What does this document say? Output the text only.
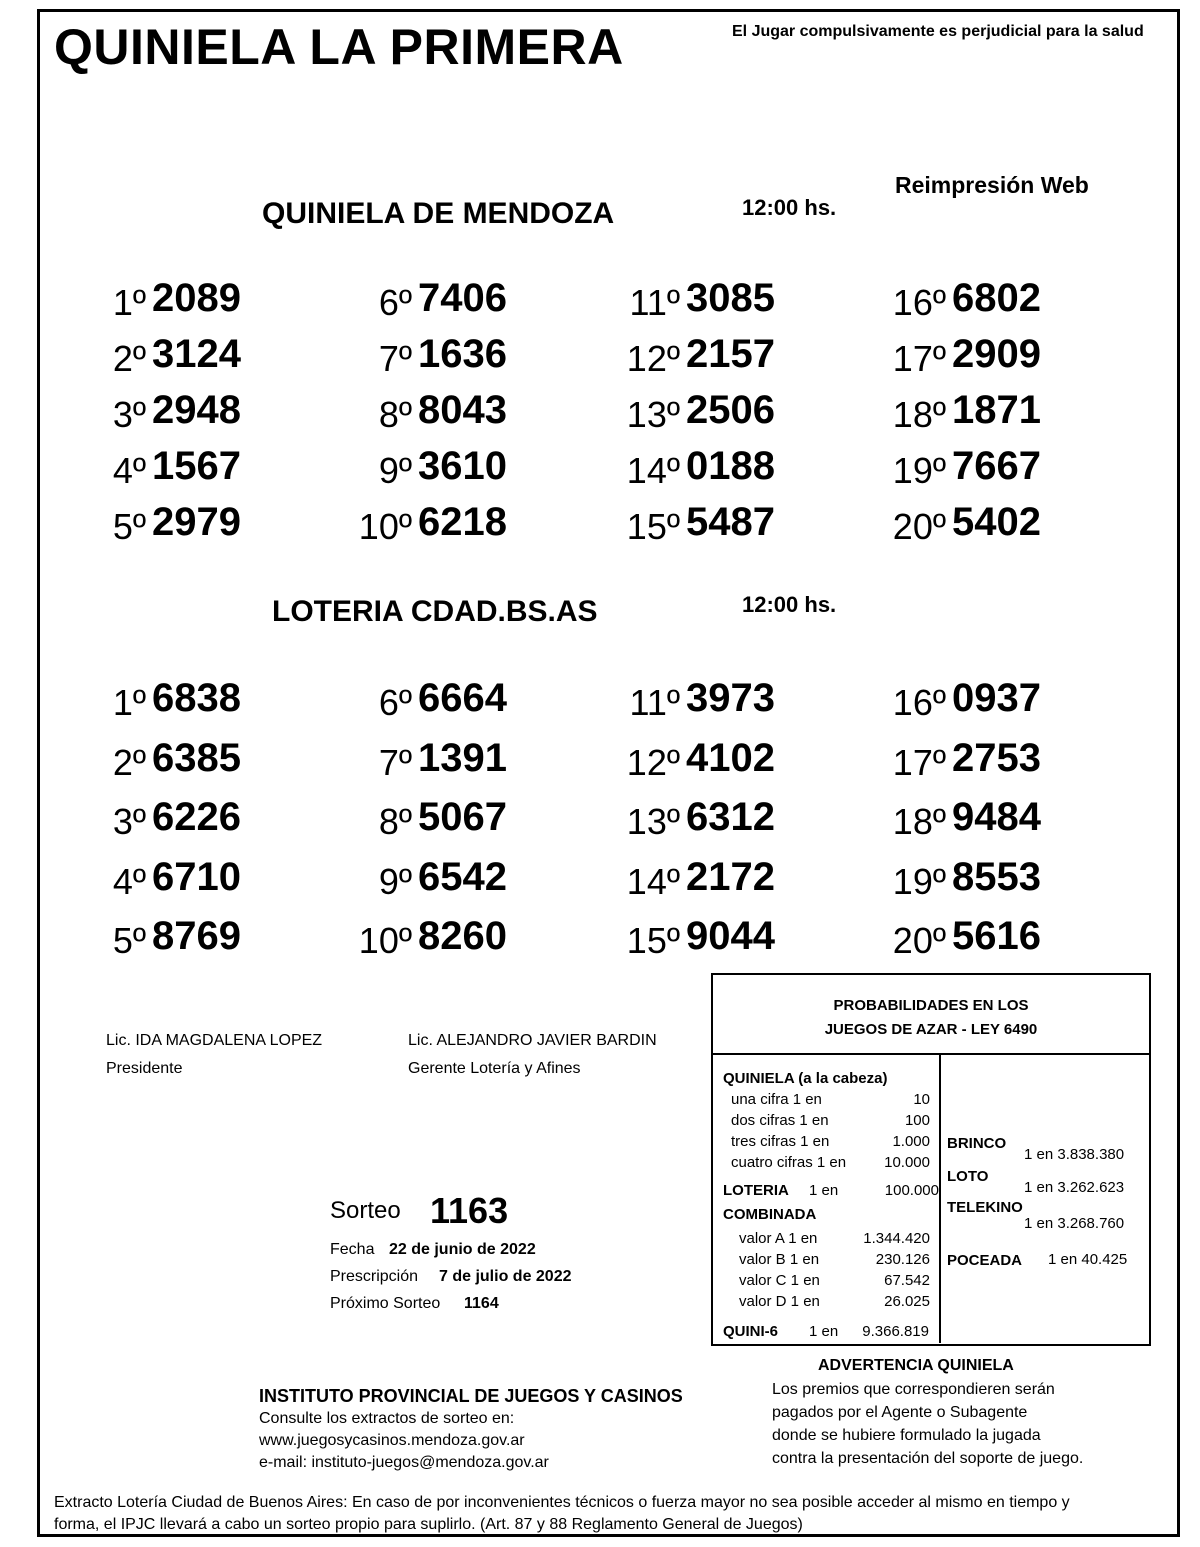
QUINIELA LA PRIMERA	El Jugar compulsivamente es perjudicial para la salud
Reimpresión Web
QUINIELA DE MENDOZA	12:00 hs.
1º 2089
2º 3124
3º 2948
4º 1567
5º 2979
6º 7406
7º 1636
8º 8043
9º 3610
10º 6218
11º 3085
12º 2157
13º 2506
14º 0188
15º 5487
16º 6802
17º 2909
18º 1871
19º 7667
20º 5402
LOTERIA CDAD.BS.AS	12:00 hs.
1º 6838
2º 6385
3º 6226
4º 6710
5º 8769
6º 6664
7º 1391
8º 5067
9º 6542
10º 8260
11º 3973
12º 4102
13º 6312
14º 2172
15º 9044
16º 0937
17º 2753
18º 9484
19º 8553
20º 5616
Lic. IDA MAGDALENA LOPEZ
Presidente
Lic. ALEJANDRO JAVIER BARDIN
Gerente Lotería y Afines
Sorteo 1163
Fecha 22 de junio de 2022
Prescripción 7 de julio de 2022
Próximo Sorteo 1164
PROBABILIDADES EN LOS
JUEGOS DE AZAR - LEY 6490
QUINIELA (a la cabeza)
una cifra 1 en	10
dos cifras 1 en	100
tres cifras 1 en	1.000
cuatro cifras 1 en	10.000
LOTERIA 1 en	100.000
COMBINADA
valor A 1 en	1.344.420
valor B 1 en	230.126
valor C 1 en	67.542
valor D 1 en	26.025
QUINI-6 1 en	9.366.819
BRINCO
1 en 3.838.380
LOTO
1 en 3.262.623
TELEKINO
1 en 3.268.760
POCEADA 1 en 40.425
INSTITUTO PROVINCIAL DE JUEGOS Y CASINOS
Consulte los extractos de sorteo en:
www.juegosycasinos.mendoza.gov.ar
e-mail: instituto-juegos@mendoza.gov.ar
ADVERTENCIA QUINIELA
Los premios que correspondieren serán
pagados por el Agente o Subagente
donde se hubiere formulado la jugada
contra la presentación del soporte de juego.
Extracto Lotería Ciudad de Buenos Aires: En caso de por inconvenientes técnicos o fuerza mayor no sea posible acceder al mismo en tiempo y
forma, el IPJC llevará a cabo un sorteo propio para suplirlo. (Art. 87 y 88 Reglamento General de Juegos)
